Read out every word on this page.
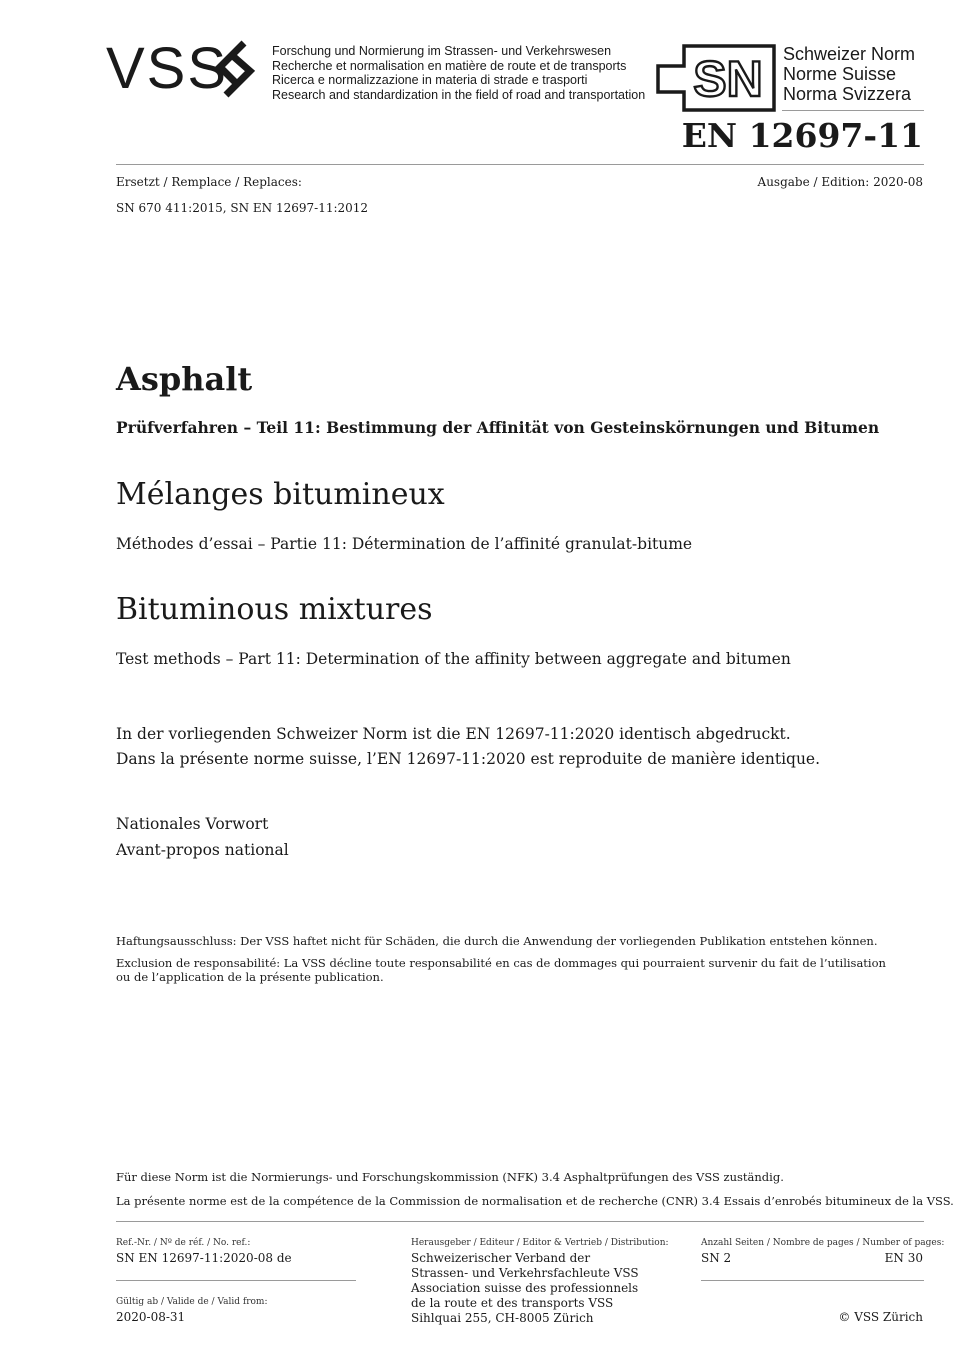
VSS	Forschung und Normierung im Strassen- und Verkehrswesen
Recherche et normalisation en matière de route et de transports
Ricerca e normalizzazione in materia di strade e trasporti
Research and standardization in the field of road and transportation SN Schweizer Norm
Norme Suisse
Norma Svizzera
EN 12697-11
Ersetzt / Remplace / Replaces:	Ausgabe / Edition: 2020-08
SN 670 411:2015, SN EN 12697-11:2012
Asphalt
Prüfverfahren – Teil 11: Bestimmung der Affinität von Gesteinskörnungen und Bitumen
Mélanges bitumineux
Méthodes d’essai – Partie 11: Détermination de l’affinité granulat-bitume
Bituminous mixtures
Test methods – Part 11: Determination of the affinity between aggregate and bitumen
In der vorliegenden Schweizer Norm ist die EN 12697-11:2020 identisch abgedruckt.
Dans la présente norme suisse, l’EN 12697-11:2020 est reproduite de manière identique.
Nationales Vorwort
Avant-propos national
Haftungsausschluss: Der VSS haftet nicht für Schäden, die durch die Anwendung der vorliegenden Publikation entstehen können.
Exclusion de responsabilité: La VSS décline toute responsabilité en cas de dommages qui pourraient survenir du fait de l’utilisation
ou de l’application de la présente publication.
Für diese Norm ist die Normierungs- und Forschungskommission (NFK) 3.4 Asphaltprüfungen des VSS zuständig.
La présente norme est de la compétence de la Commission de normalisation et de recherche (CNR) 3.4 Essais d’enrobés bitumineux de la VSS.
Ref.-Nr. / Nº de réf. / No. ref.:
SN EN 12697-11:2020-08 de
Gültig ab / Valide de / Valid from:
2020-08-31
Herausgeber / Editeur / Editor & Vertrieb / Distribution:
Schweizerischer Verband der
Strassen- und Verkehrsfachleute VSS
Association suisse des professionnels
de la route et des transports VSS
Sihlquai 255, CH-8005 Zürich
Anzahl Seiten / Nombre de pages / Number of pages:
SN 2	EN 30
© VSS Zürich
